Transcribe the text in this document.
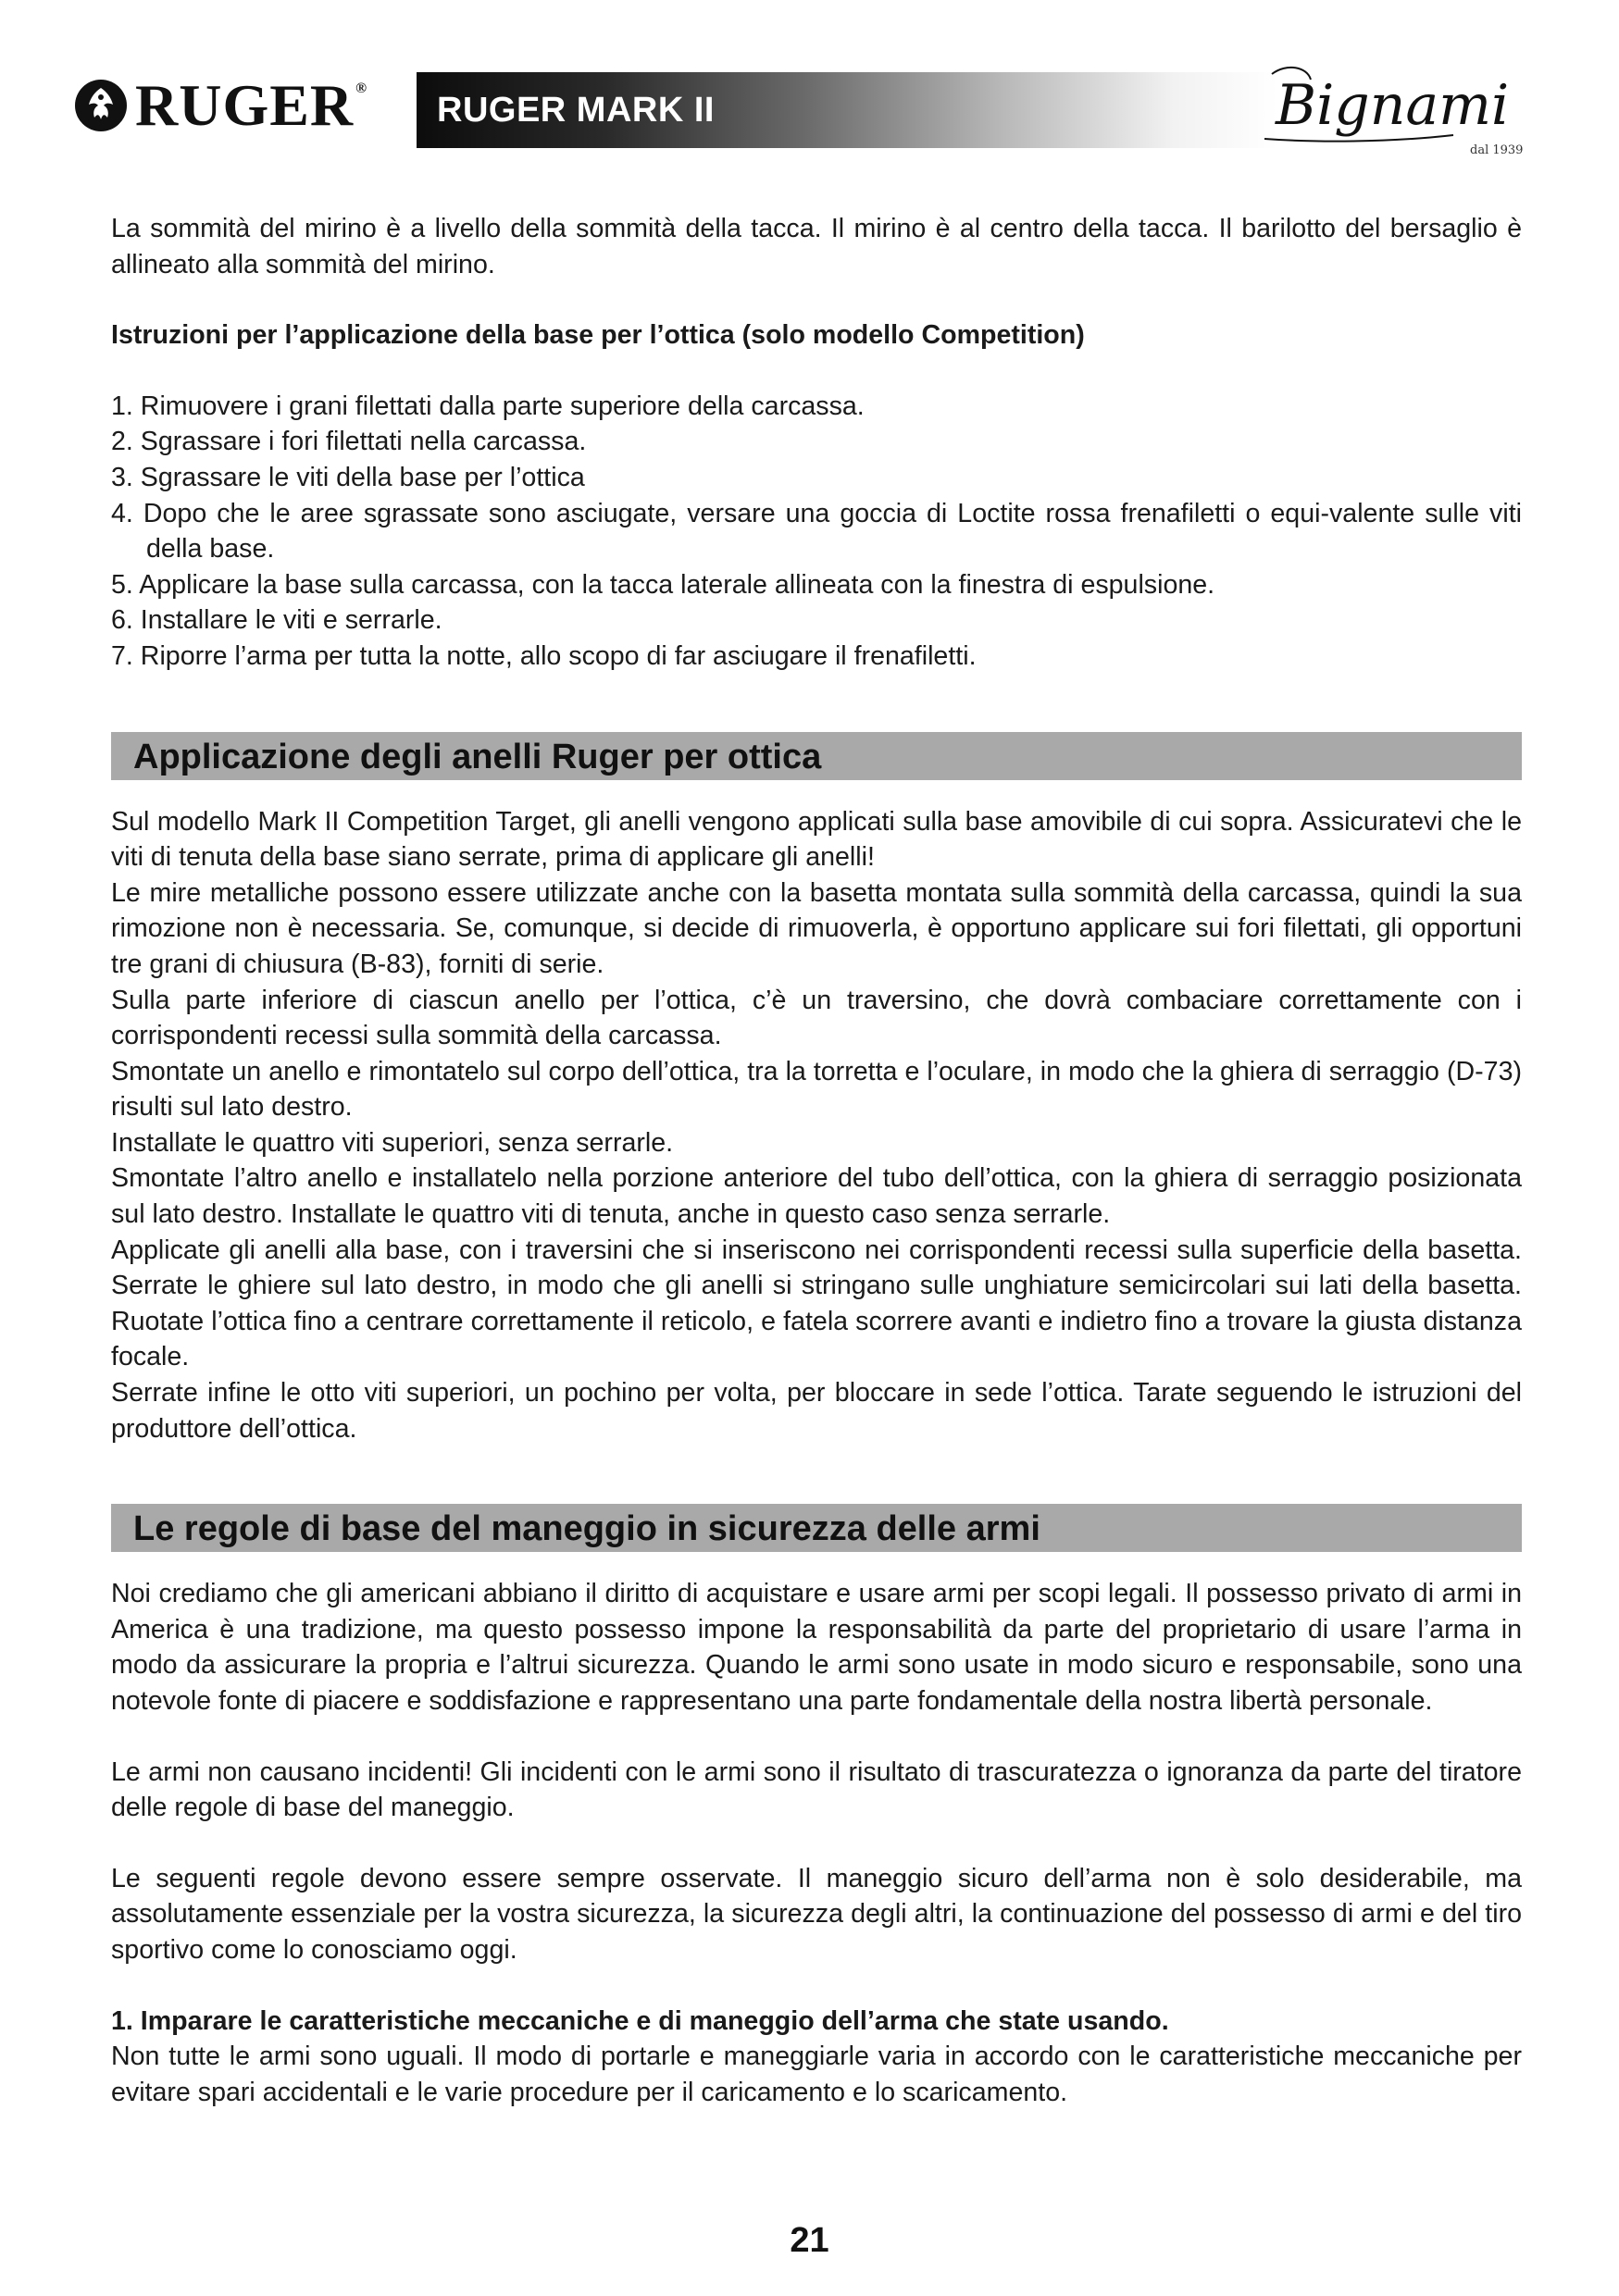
RUGER ®
RUGER MARK II	Bignami
dal 1939

La sommità del mirino è a livello della sommità della tacca. Il mirino è al centro della tacca. Il barilotto del bersaglio è allineato alla sommità del mirino.

Istruzioni per l’applicazione della base per l’ottica (solo modello Competition)

1. Rimuovere i grani filettati dalla parte superiore della carcassa.

2. Sgrassare i fori filettati nella carcassa.

3. Sgrassare le viti della base per l’ottica

4. Dopo che le aree sgrassate sono asciugate, versare una goccia di Loctite rossa frenafiletti o equi-valente sulle viti della base.

5. Applicare la base sulla carcassa, con la tacca laterale allineata con la finestra di espulsione.

6. Installare le viti e serrarle.

7. Riporre l’arma per tutta la notte, allo scopo di far asciugare il frenafiletti.

Applicazione degli anelli Ruger per ottica

Sul modello Mark II Competition Target, gli anelli vengono applicati sulla base amovibile di cui sopra. Assicuratevi che le viti di tenuta della base siano serrate, prima di applicare gli anelli!

Le mire metalliche possono essere utilizzate anche con la basetta montata sulla sommità della carcassa, quindi la sua rimozione non è necessaria. Se, comunque, si decide di rimuoverla, è opportuno applicare sui fori filettati, gli opportuni tre grani di chiusura (B-83), forniti di serie.

Sulla parte inferiore di ciascun anello per l’ottica, c’è un traversino, che dovrà combaciare correttamente con i corrispondenti recessi sulla sommità della carcassa.

Smontate un anello e rimontatelo sul corpo dell’ottica, tra la torretta e l’oculare, in modo che la ghiera di serraggio (D-73) risulti sul lato destro.

Installate le quattro viti superiori, senza serrarle.

Smontate l’altro anello e installatelo nella porzione anteriore del tubo dell’ottica, con la ghiera di serraggio posizionata sul lato destro. Installate le quattro viti di tenuta, anche in questo caso senza serrarle.

Applicate gli anelli alla base, con i traversini che si inseriscono nei corrispondenti recessi sulla superficie della basetta. Serrate le ghiere sul lato destro, in modo che gli anelli si stringano sulle unghiature semicircolari sui lati della basetta. Ruotate l’ottica fino a centrare correttamente il reticolo, e fatela scorrere avanti e indietro fino a trovare la giusta distanza focale.

Serrate infine le otto viti superiori, un pochino per volta, per bloccare in sede l’ottica. Tarate seguendo le istruzioni del produttore dell’ottica.

Le regole di base del maneggio in sicurezza delle armi

Noi crediamo che gli americani abbiano il diritto di acquistare e usare armi per scopi legali. Il possesso privato di armi in America è una tradizione, ma questo possesso impone la responsabilità da parte del proprietario di usare l’arma in modo da assicurare la propria e l’altrui sicurezza. Quando le armi sono usate in modo sicuro e responsabile, sono una notevole fonte di piacere e soddisfazione e rappresentano una parte fondamentale della nostra libertà personale.

Le armi non causano incidenti! Gli incidenti con le armi sono il risultato di trascuratezza o ignoranza da parte del tiratore delle regole di base del maneggio.

Le seguenti regole devono essere sempre osservate. Il maneggio sicuro dell’arma non è solo desiderabile, ma assolutamente essenziale per la vostra sicurezza, la sicurezza degli altri, la continuazione del possesso di armi e del tiro sportivo come lo conosciamo oggi.

1. Imparare le caratteristiche meccaniche e di maneggio dell’arma che state usando.

Non tutte le armi sono uguali. Il modo di portarle e maneggiarle varia in accordo con le caratteristiche meccaniche per evitare spari accidentali e le varie procedure per il caricamento e lo scaricamento.

21
